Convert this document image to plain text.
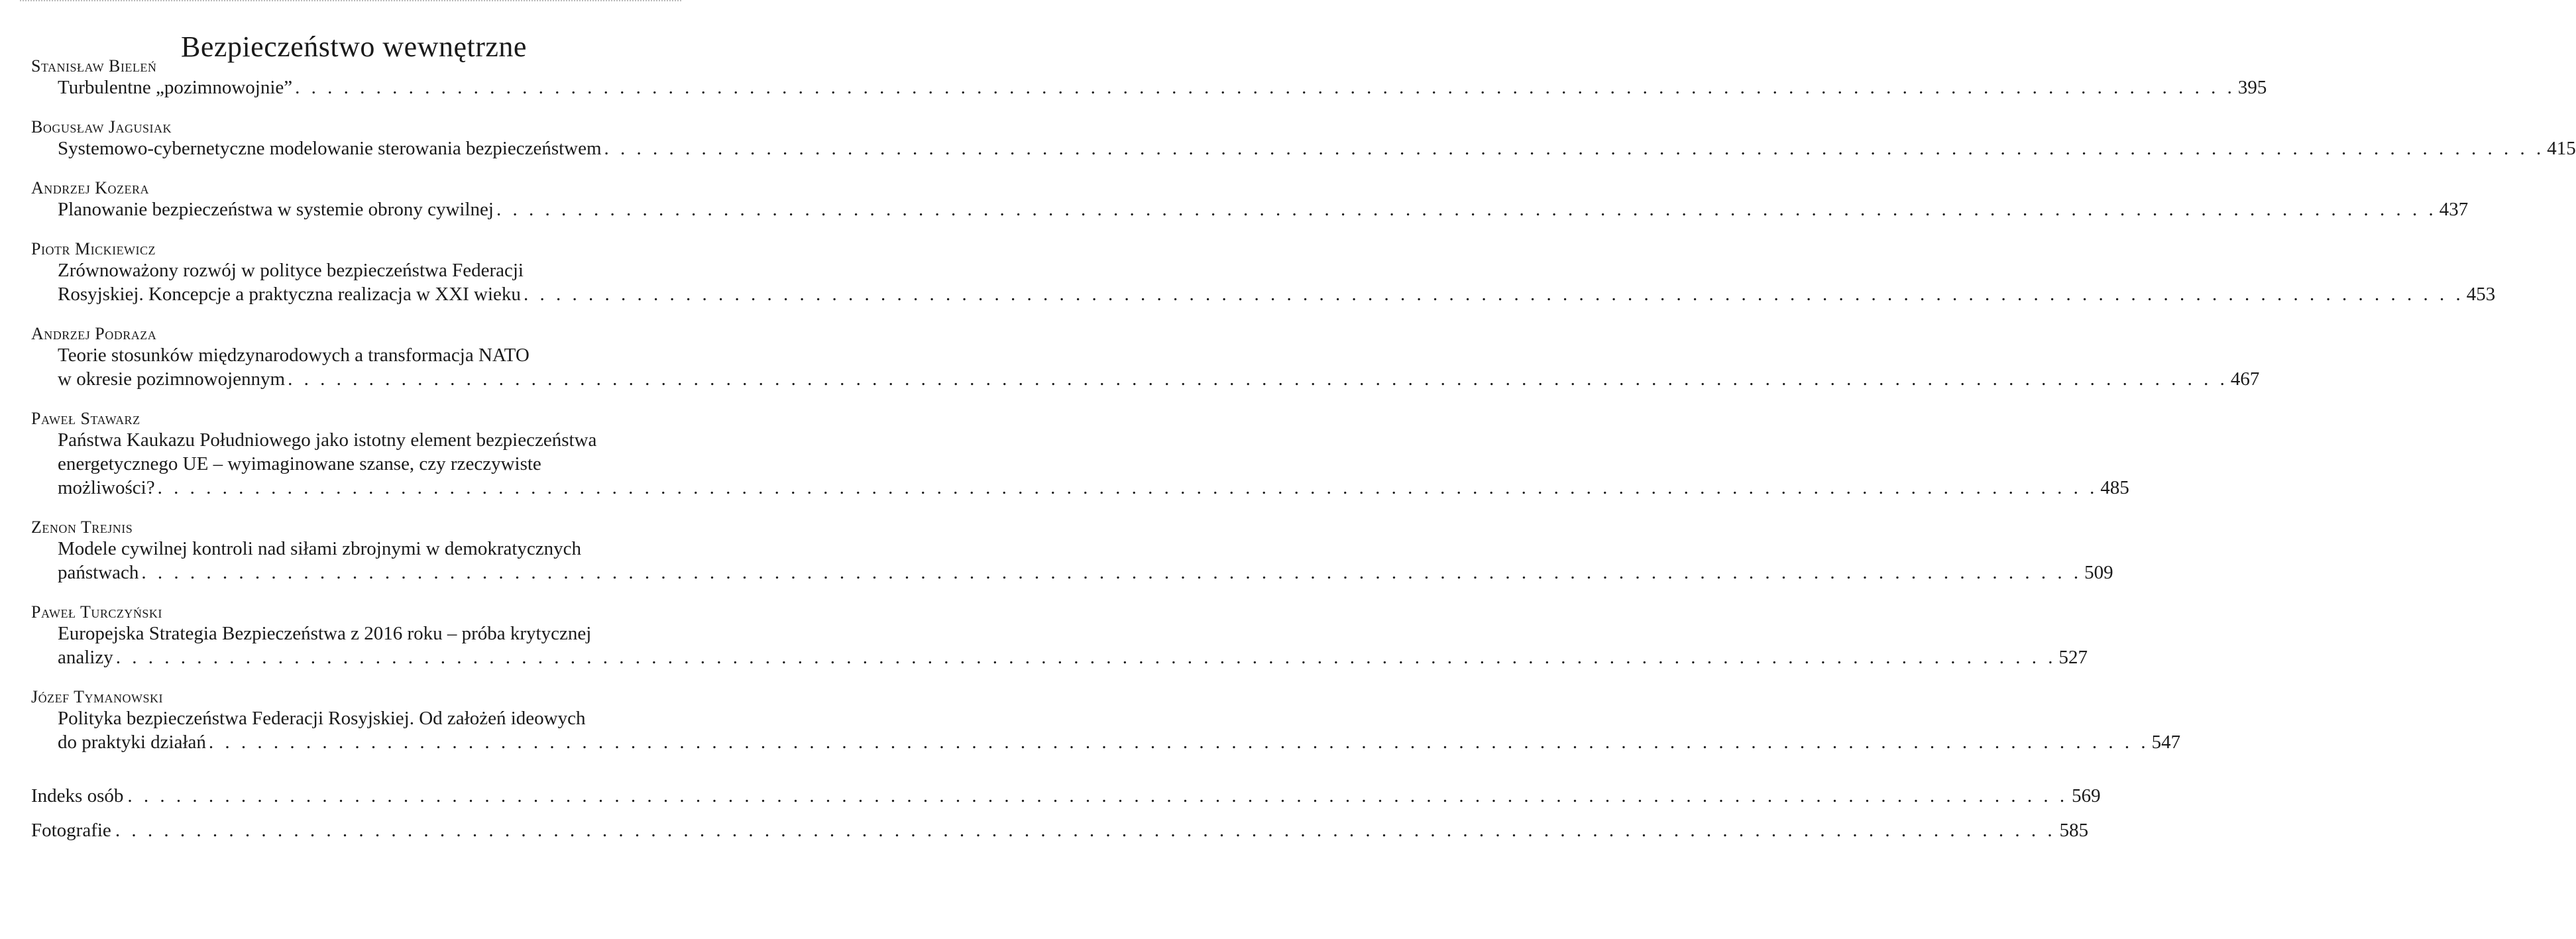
Bezpieczeństwo wewnętrzne
Stanisław Bieleń
Turbulentne „pozimnowojnie” . . . . . . . . . . . . . . . . . . . . . . . . . . . . . . . . . . . . . . . . . . . . . . . . . . . . . . . . . . . . . . . . . . . . . . . . . . . . . . . . . . . . . . . . . . . . . . . . . . . . . . . . . . . . . . . . . . . . . . . . 395
Bogusław Jagusiak
Systemowo-cybernetyczne modelowanie sterowania bezpieczeństwem . . . . . . . . . . . . . . . . . . . . . . . . . . . . . . . . . . . . . . . . . . . . . . . . . . . . . . . . . . . . . . . . . . . . . . . . . . . . . . . . . . . . . . . . . . . . . . . . . . . . . . . . . . . . . . . . . . . . . . . . 415
Andrzej Kozera
Planowanie bezpieczeństwa w systemie obrony cywilnej . . . . . . . . . . . . . . . . . . . . . . . . . . . . . . . . . . . . . . . . . . . . . . . . . . . . . . . . . . . . . . . . . . . . . . . . . . . . . . . . . . . . . . . . . . . . . . . . . . . . . . . . . . . . . . . . . . . . . . . . 437
Piotr Mickiewicz
Zrównoważony rozwój w polityce bezpieczeństwa Federacji
Rosyjskiej. Koncepcje a praktyczna realizacja w XXI wieku . . . . . . . . . . . . . . . . . . . . . . . . . . . . . . . . . . . . . . . . . . . . . . . . . . . . . . . . . . . . . . . . . . . . . . . . . . . . . . . . . . . . . . . . . . . . . . . . . . . . . . . . . . . . . . . . . . . . . . . . 453
Andrzej Podraza
Teorie stosunków międzynarodowych a transformacja NATO
w okresie pozimnowojennym . . . . . . . . . . . . . . . . . . . . . . . . . . . . . . . . . . . . . . . . . . . . . . . . . . . . . . . . . . . . . . . . . . . . . . . . . . . . . . . . . . . . . . . . . . . . . . . . . . . . . . . . . . . . . . . . . . . . . . . . 467
Paweł Stawarz
Państwa Kaukazu Południowego jako istotny element bezpieczeństwa
energetycznego UE – wyimaginowane szanse, czy rzeczywiste
możliwości? . . . . . . . . . . . . . . . . . . . . . . . . . . . . . . . . . . . . . . . . . . . . . . . . . . . . . . . . . . . . . . . . . . . . . . . . . . . . . . . . . . . . . . . . . . . . . . . . . . . . . . . . . . . . . . . . . . . . . . . . 485
Zenon Trejnis
Modele cywilnej kontroli nad siłami zbrojnymi w demokratycznych
państwach . . . . . . . . . . . . . . . . . . . . . . . . . . . . . . . . . . . . . . . . . . . . . . . . . . . . . . . . . . . . . . . . . . . . . . . . . . . . . . . . . . . . . . . . . . . . . . . . . . . . . . . . . . . . . . . . . . . . . . . . 509
Paweł Turczyński
Europejska Strategia Bezpieczeństwa z 2016 roku – próba krytycznej
analizy . . . . . . . . . . . . . . . . . . . . . . . . . . . . . . . . . . . . . . . . . . . . . . . . . . . . . . . . . . . . . . . . . . . . . . . . . . . . . . . . . . . . . . . . . . . . . . . . . . . . . . . . . . . . . . . . . . . . . . . . 527
Józef Tymanowski
Polityka bezpieczeństwa Federacji Rosyjskiej. Od założeń ideowych
do praktyki działań . . . . . . . . . . . . . . . . . . . . . . . . . . . . . . . . . . . . . . . . . . . . . . . . . . . . . . . . . . . . . . . . . . . . . . . . . . . . . . . . . . . . . . . . . . . . . . . . . . . . . . . . . . . . . . . . . . . . . . . . 547
Indeks osób . . . . . . . . . . . . . . . . . . . . . . . . . . . . . . . . . . . . . . . . . . . . . . . . . . . . . . . . . . . . . . . . . . . . . . . . . . . . . . . . . . . . . . . . . . . . . . . . . . . . . . . . . . . . . . . . . . . . . . . . 569
Fotografie . . . . . . . . . . . . . . . . . . . . . . . . . . . . . . . . . . . . . . . . . . . . . . . . . . . . . . . . . . . . . . . . . . . . . . . . . . . . . . . . . . . . . . . . . . . . . . . . . . . . . . . . . . . . . . . . . . . . . . . . 585
